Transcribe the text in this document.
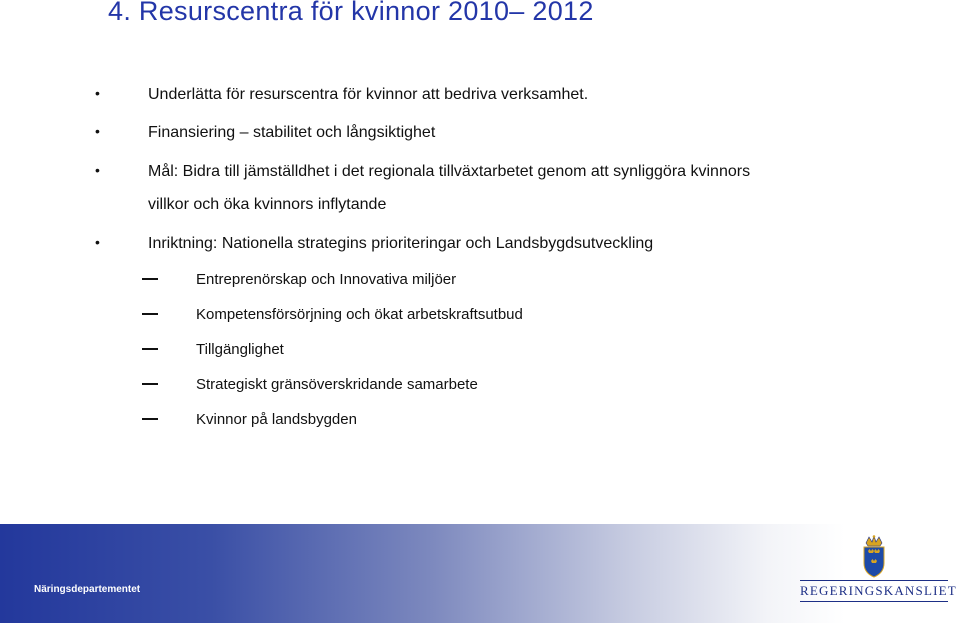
4. Resurscentra för kvinnor 2010– 2012
•	Underlätta för resurscentra för kvinnor att bedriva verksamhet.
•	Finansiering – stabilitet och långsiktighet
•	Mål: Bidra till jämställdhet i det regionala tillväxtarbetet genom att synliggöra kvinnors
villkor och öka kvinnors inflytande
•	Inriktning: Nationella strategins prioriteringar och Landsbygdsutveckling
Entreprenörskap och Innovativa miljöer
Kompetensförsörjning och ökat arbetskraftsutbud
Tillgänglighet
Strategiskt gränsöverskridande samarbete
Kvinnor på landsbygden
Näringsdepartementet	REGERINGSKANSLIET
